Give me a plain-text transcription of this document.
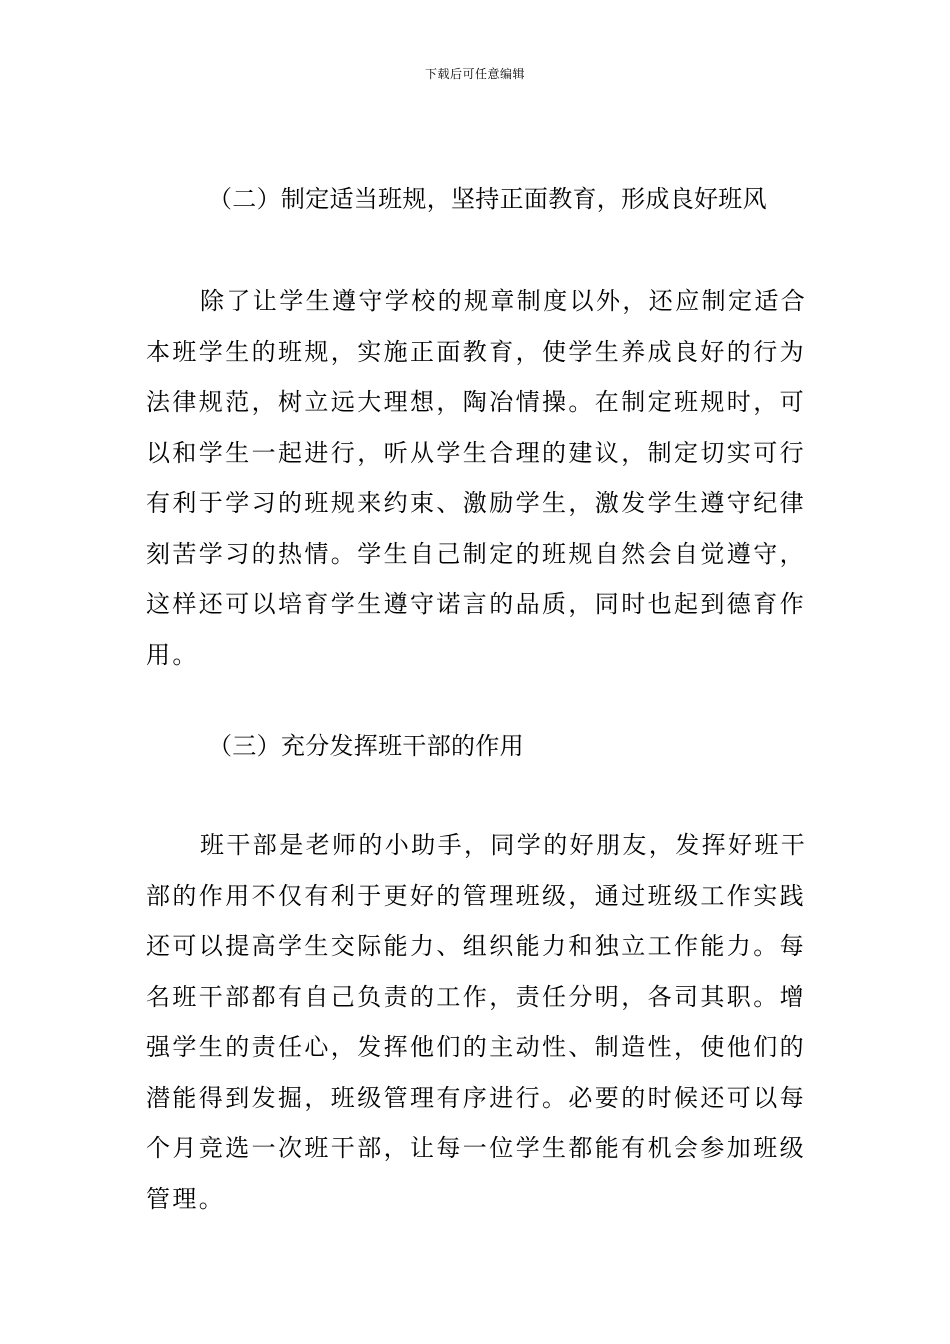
下载后可任意编辑
（二）制定适当班规，坚持正面教育，形成良好班风
除了让学生遵守学校的规章制度以外，还应制定适合
本班学生的班规，实施正面教育，使学生养成良好的行为
法律规范，树立远大理想，陶冶情操。在制定班规时，可
以和学生一起进行，听从学生合理的建议，制定切实可行
有利于学习的班规来约束、激励学生，激发学生遵守纪律
刻苦学习的热情。学生自己制定的班规自然会自觉遵守，
这样还可以培育学生遵守诺言的品质，同时也起到德育作
用。
（三）充分发挥班干部的作用
班干部是老师的小助手，同学的好朋友，发挥好班干
部的作用不仅有利于更好的管理班级，通过班级工作实践
还可以提高学生交际能力、组织能力和独立工作能力。每
名班干部都有自己负责的工作，责任分明，各司其职。增
强学生的责任心，发挥他们的主动性、制造性，使他们的
潜能得到发掘，班级管理有序进行。必要的时候还可以每
个月竞选一次班干部，让每一位学生都能有机会参加班级
管理。
